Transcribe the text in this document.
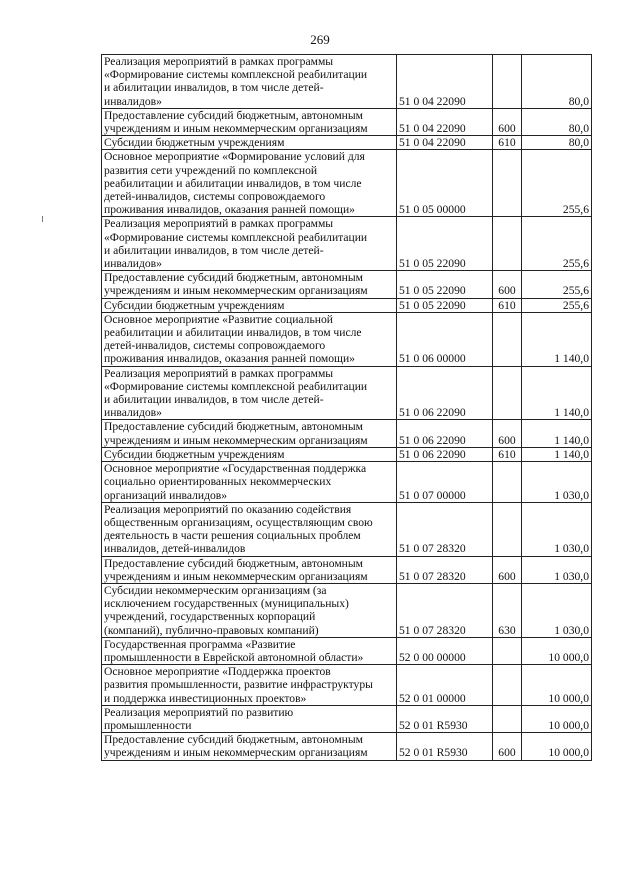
269
Реализация мероприятий в рамках программы
«Формирование системы комплексной реабилитации
и абилитации инвалидов, в том числе детей-
инвалидов»	51 0 04 22090		80,0
Предоставление субсидий бюджетным, автономным
учреждениям и иным некоммерческим организациям	51 0 04 22090	600	80,0
Субсидии бюджетным учреждениям	51 0 04 22090	610	80,0
Основное мероприятие «Формирование условий для
развития сети учреждений по комплексной
реабилитации и абилитации инвалидов, в том числе
детей-инвалидов, системы сопровождаемого
проживания инвалидов, оказания ранней помощи»	51 0 05 00000		255,6
Реализация мероприятий в рамках программы
«Формирование системы комплексной реабилитации
и абилитации инвалидов, в том числе детей-
инвалидов»	51 0 05 22090		255,6
Предоставление субсидий бюджетным, автономным
учреждениям и иным некоммерческим организациям	51 0 05 22090	600	255,6
Субсидии бюджетным учреждениям	51 0 05 22090	610	255,6
Основное мероприятие «Развитие социальной
реабилитации и абилитации инвалидов, в том числе
детей-инвалидов, системы сопровождаемого
проживания инвалидов, оказания ранней помощи»	51 0 06 00000		1 140,0
Реализация мероприятий в рамках программы
«Формирование системы комплексной реабилитации
и абилитации инвалидов, в том числе детей-
инвалидов»	51 0 06 22090		1 140,0
Предоставление субсидий бюджетным, автономным
учреждениям и иным некоммерческим организациям	51 0 06 22090	600	1 140,0
Субсидии бюджетным учреждениям	51 0 06 22090	610	1 140,0
Основное мероприятие «Государственная поддержка
социально ориентированных некоммерческих
организаций инвалидов»	51 0 07 00000		1 030,0
Реализация мероприятий по оказанию содействия
общественным организациям, осуществляющим свою
деятельность в части решения социальных проблем
инвалидов, детей-инвалидов	51 0 07 28320		1 030,0
Предоставление субсидий бюджетным, автономным
учреждениям и иным некоммерческим организациям	51 0 07 28320	600	1 030,0
Субсидии некоммерческим организациям (за
исключением государственных (муниципальных)
учреждений, государственных корпораций
(компаний), публично-правовых компаний)	51 0 07 28320	630	1 030,0
Государственная программа «Развитие
промышленности в Еврейской автономной области»	52 0 00 00000		10 000,0
Основное мероприятие «Поддержка проектов
развития промышленности, развитие инфраструктуры
и поддержка инвестиционных проектов»	52 0 01 00000		10 000,0
Реализация мероприятий по развитию
промышленности	52 0 01 R5930		10 000,0
Предоставление субсидий бюджетным, автономным
учреждениям и иным некоммерческим организациям	52 0 01 R5930	600	10 000,0
